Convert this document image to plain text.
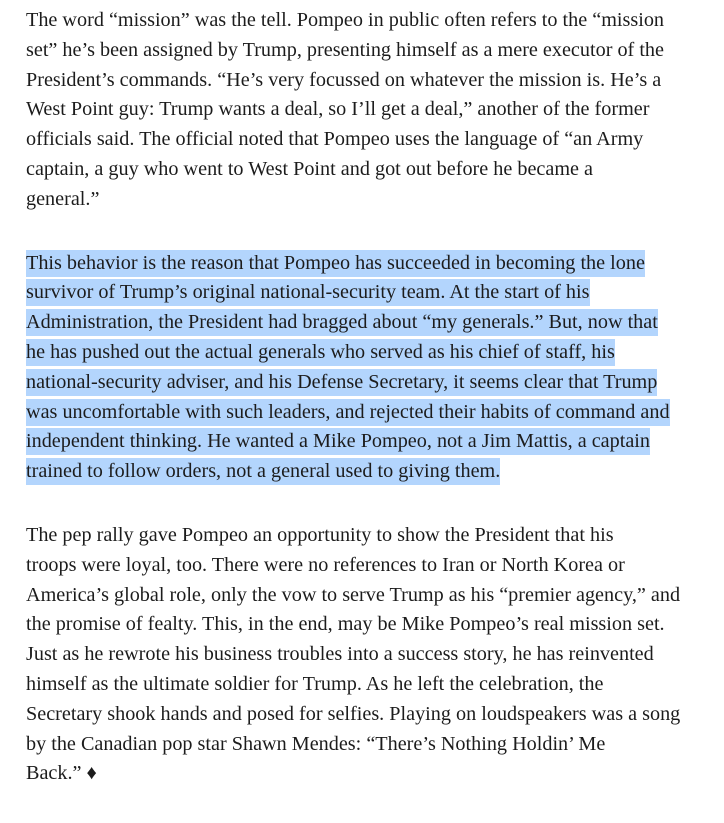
The word “mission” was the tell. Pompeo in public often refers to the “mission
set” he’s been assigned by Trump, presenting himself as a mere executor of the
President’s commands. “He’s very focussed on whatever the mission is. He’s a
West Point guy: Trump wants a deal, so I’ll get a deal,” another of the former
officials said. The official noted that Pompeo uses the language of “an Army
captain, a guy who went to West Point and got out before he became a
general.”

This behavior is the reason that Pompeo has succeeded in becoming the lone
survivor of Trump’s original national-security team. At the start of his
Administration, the President had bragged about “my generals.” But, now that
he has pushed out the actual generals who served as his chief of staff, his
national-security adviser, and his Defense Secretary, it seems clear that Trump
was uncomfortable with such leaders, and rejected their habits of command and
independent thinking. He wanted a Mike Pompeo, not a Jim Mattis, a captain
trained to follow orders, not a general used to giving them.

The pep rally gave Pompeo an opportunity to show the President that his
troops were loyal, too. There were no references to Iran or North Korea or
America’s global role, only the vow to serve Trump as his “premier agency,” and
the promise of fealty. This, in the end, may be Mike Pompeo’s real mission set.
Just as he rewrote his business troubles into a success story, he has reinvented
himself as the ultimate soldier for Trump. As he left the celebration, the
Secretary shook hands and posed for selfies. Playing on loudspeakers was a song
by the Canadian pop star Shawn Mendes: “There’s Nothing Holdin’ Me
Back.” ♦
